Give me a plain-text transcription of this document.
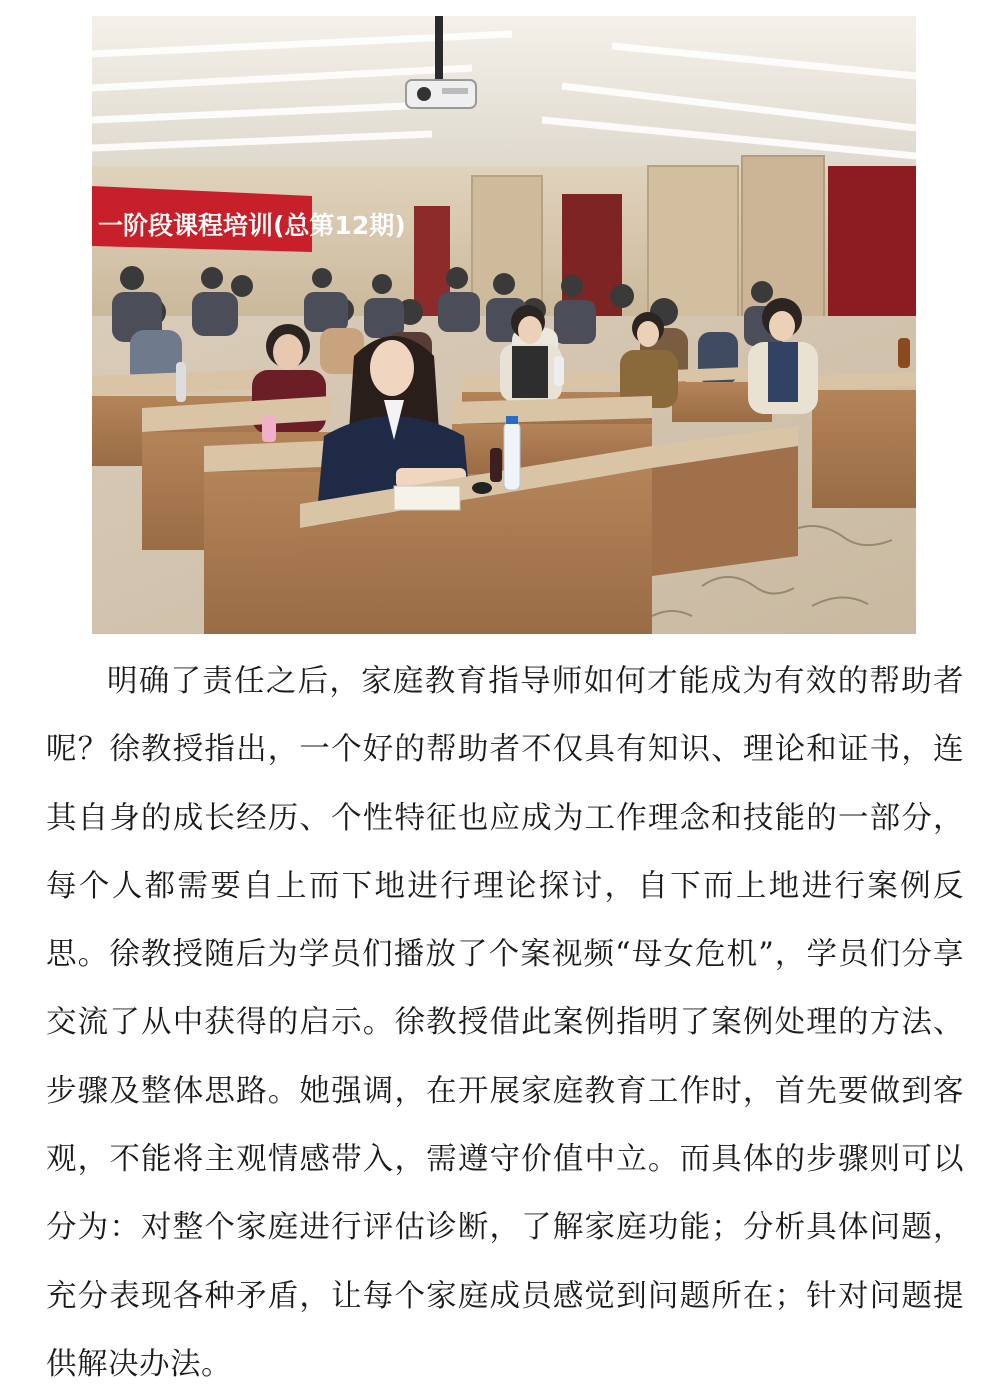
一阶段课程培训(总第12期)

明确了责任之后，家庭教育指导师如何才能成为有效的帮助者呢？徐教授指出，一个好的帮助者不仅具有知识、理论和证书，连其自身的成长经历、个性特征也应成为工作理念和技能的一部分，每个人都需要自上而下地进行理论探讨，自下而上地进行案例反思。徐教授随后为学员们播放了个案视频“母女危机”，学员们分享交流了从中获得的启示。徐教授借此案例指明了案例处理的方法、步骤及整体思路。她强调，在开展家庭教育工作时，首先要做到客观，不能将主观情感带入，需遵守价值中立。而具体的步骤则可以分为：对整个家庭进行评估诊断，了解家庭功能；分析具体问题，充分表现各种矛盾，让每个家庭成员感觉到问题所在；针对问题提供解决办法。
